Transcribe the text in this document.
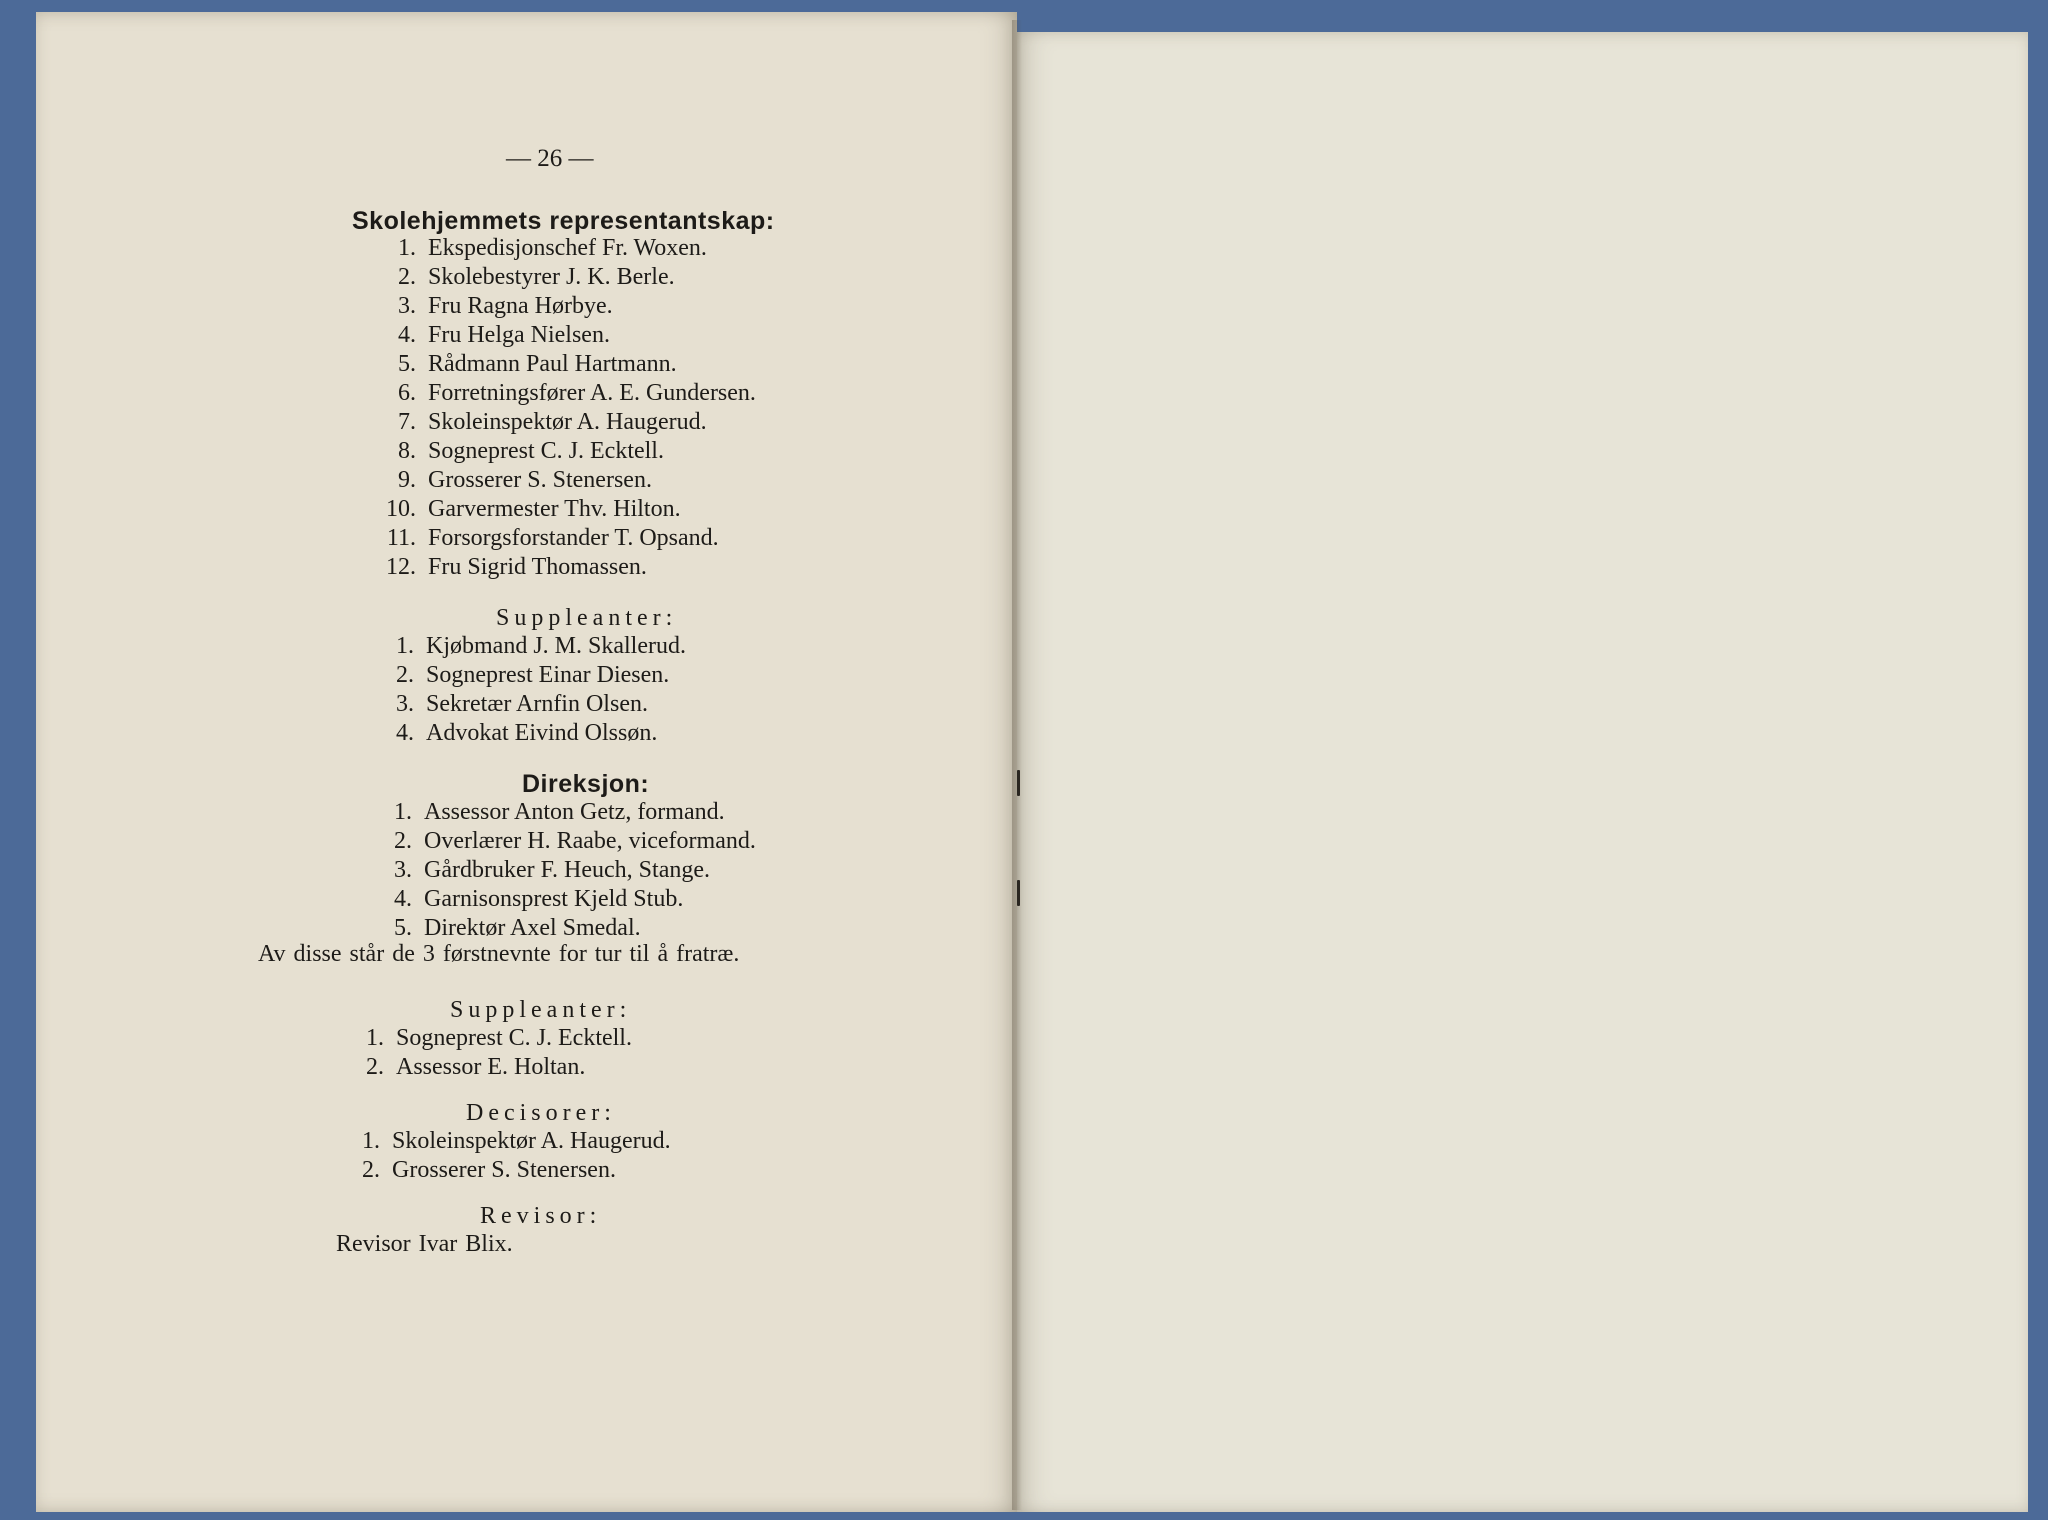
— 26 —
Skolehjemmets representantskap:
1. Ekspedisjonschef Fr. Woxen.
2. Skolebestyrer J. K. Berle.
3. Fru Ragna Hørbye.
4. Fru Helga Nielsen.
5. Rådmann Paul Hartmann.
6. Forretningsfører A. E. Gundersen.
7. Skoleinspektør A. Haugerud.
8. Sogneprest C. J. Ecktell.
9. Grosserer S. Stenersen.
10. Garvermester Thv. Hilton.
11. Forsorgsforstander T. Opsand.
12. Fru Sigrid Thomassen.
Suppleanter:
1. Kjøbmand J. M. Skallerud.
2. Sogneprest Einar Diesen.
3. Sekretær Arnfin Olsen.
4. Advokat Eivind Olssøn.
Direksjon:
1. Assessor Anton Getz, formand.
2. Overlærer H. Raabe, viceformand.
3. Gårdbruker F. Heuch, Stange.
4. Garnisonsprest Kjeld Stub.
5. Direktør Axel Smedal.
Av disse står de 3 førstnevnte for tur til å fratræ.
Suppleanter:
1. Sogneprest C. J. Ecktell.
2. Assessor E. Holtan.
Decisorer:
1. Skoleinspektør A. Haugerud.
2. Grosserer S. Stenersen.
Revisor:
Revisor Ivar Blix.
